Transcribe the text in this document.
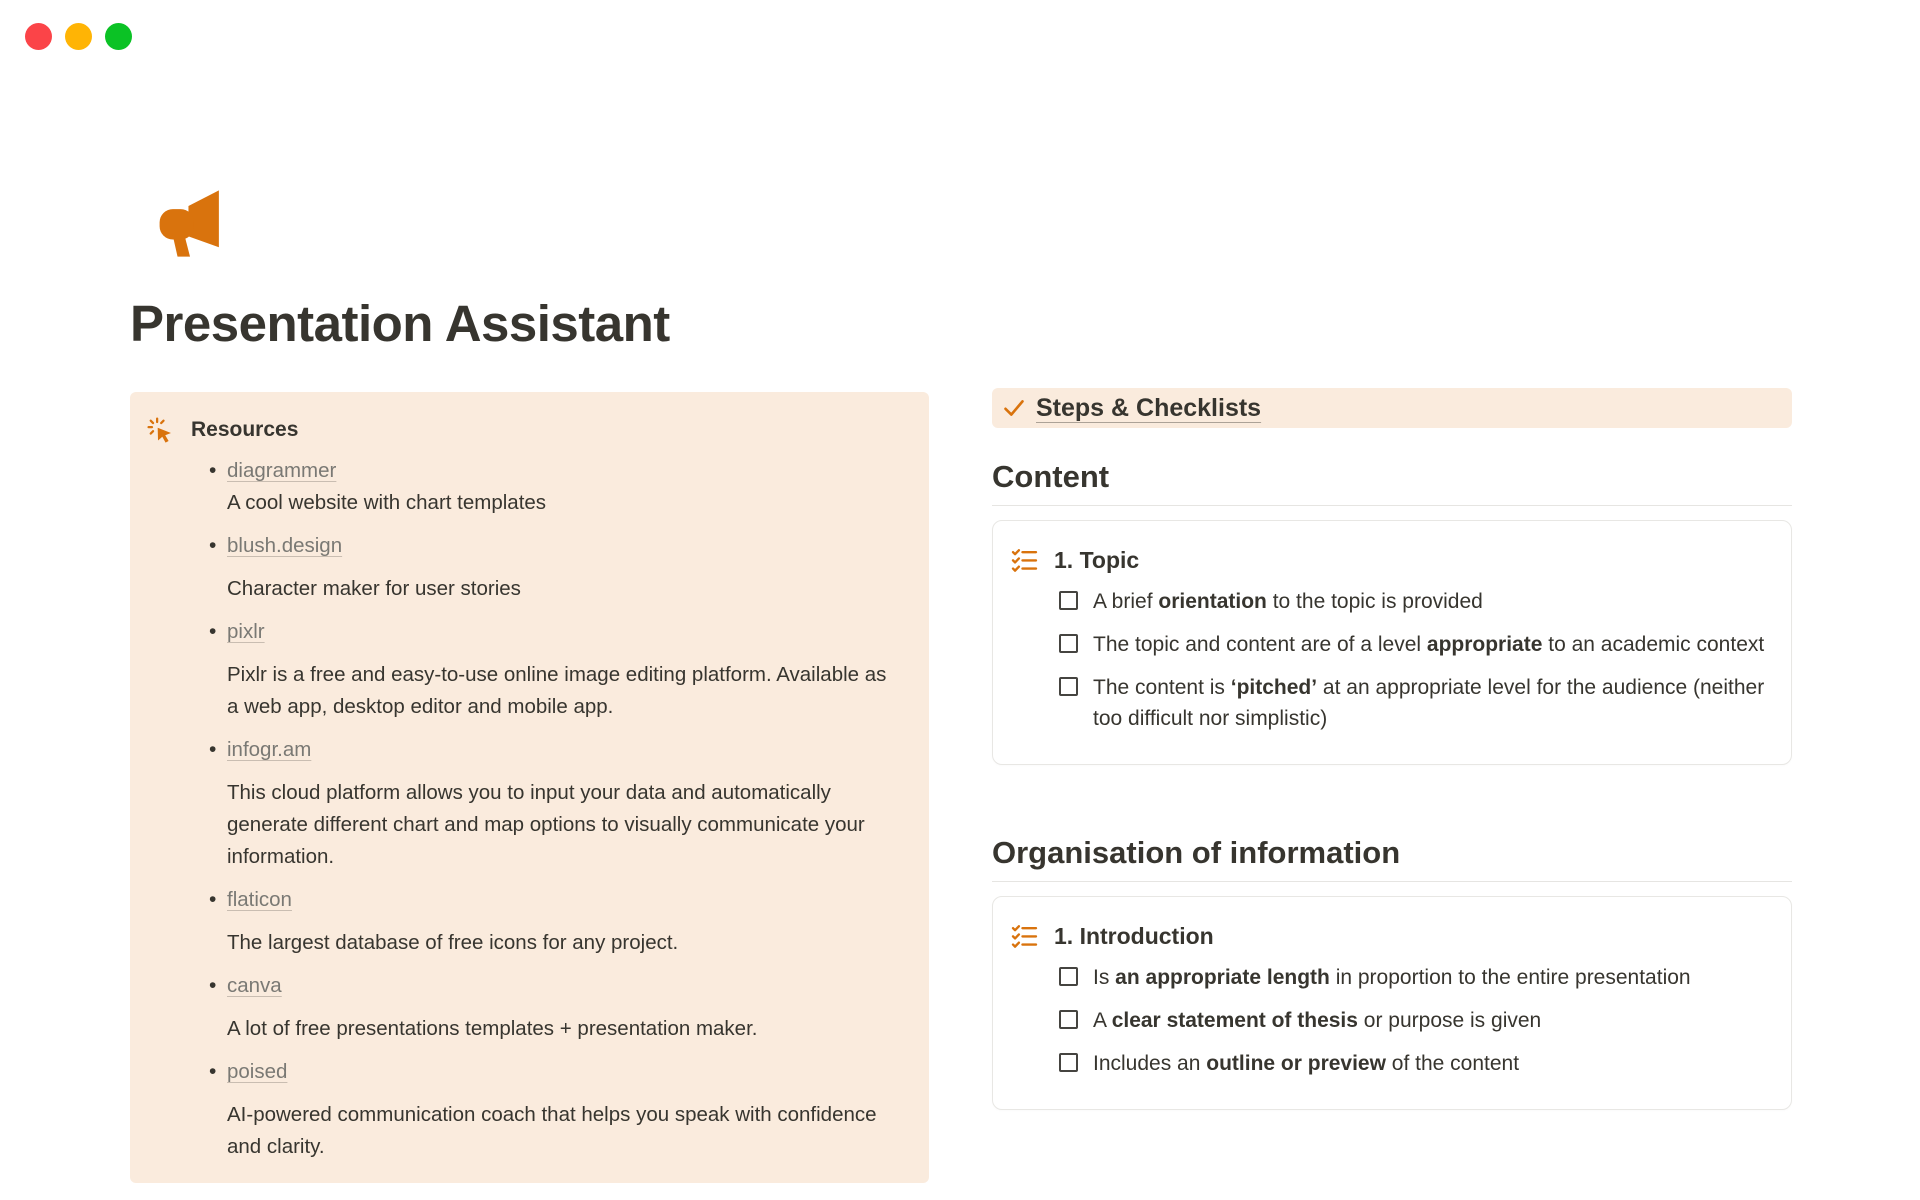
Presentation Assistant
Resources
• diagrammer
A cool website with chart templates
• blush.design
Character maker for user stories
• pixlr
Pixlr is a free and easy-to-use online image editing platform. Available as a web app, desktop editor and mobile app.
• infogr.am
This cloud platform allows you to input your data and automatically generate different chart and map options to visually communicate your information.
• flaticon
The largest database of free icons for any project.
• canva
A lot of free presentations templates + presentation maker.
• poised
AI-powered communication coach that helps you speak with confidence and clarity.
Steps & Checklists
Content
1. Topic
A brief orientation to the topic is provided
The topic and content are of a level appropriate to an academic context
The content is ‘pitched’ at an appropriate level for the audience (neither too difficult nor simplistic)
Organisation of information
1. Introduction
Is an appropriate length in proportion to the entire presentation
A clear statement of thesis or purpose is given
Includes an outline or preview of the content
